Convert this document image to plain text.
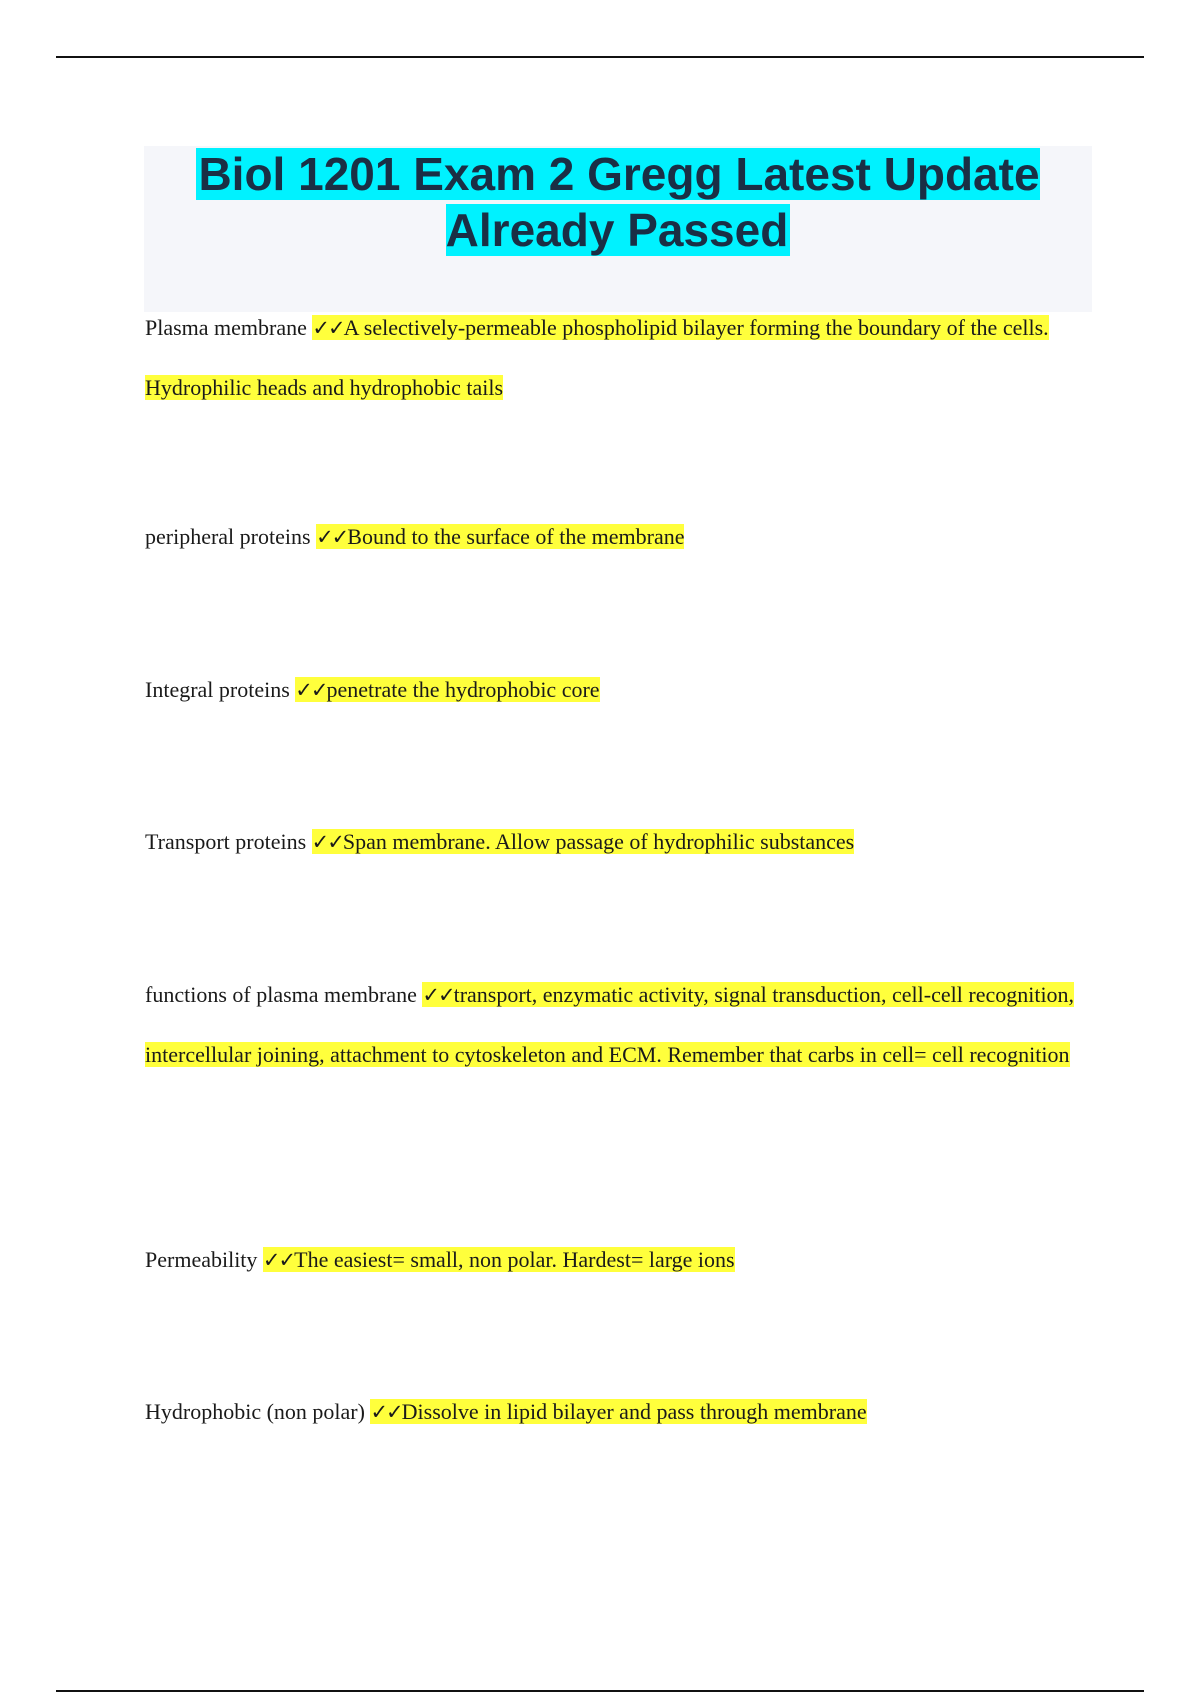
Biol 1201 Exam 2 Gregg Latest Update Already Passed
Plasma membrane ✓✓A selectively-permeable phospholipid bilayer forming the boundary of the cells. Hydrophilic heads and hydrophobic tails
peripheral proteins ✓✓Bound to the surface of the membrane
Integral proteins ✓✓penetrate the hydrophobic core
Transport proteins ✓✓Span membrane. Allow passage of hydrophilic substances
functions of plasma membrane ✓✓transport, enzymatic activity, signal transduction, cell-cell recognition, intercellular joining, attachment to cytoskeleton and ECM. Remember that carbs in cell= cell recognition
Permeability ✓✓The easiest= small, non polar. Hardest= large ions
Hydrophobic (non polar) ✓✓Dissolve in lipid bilayer and pass through membrane
